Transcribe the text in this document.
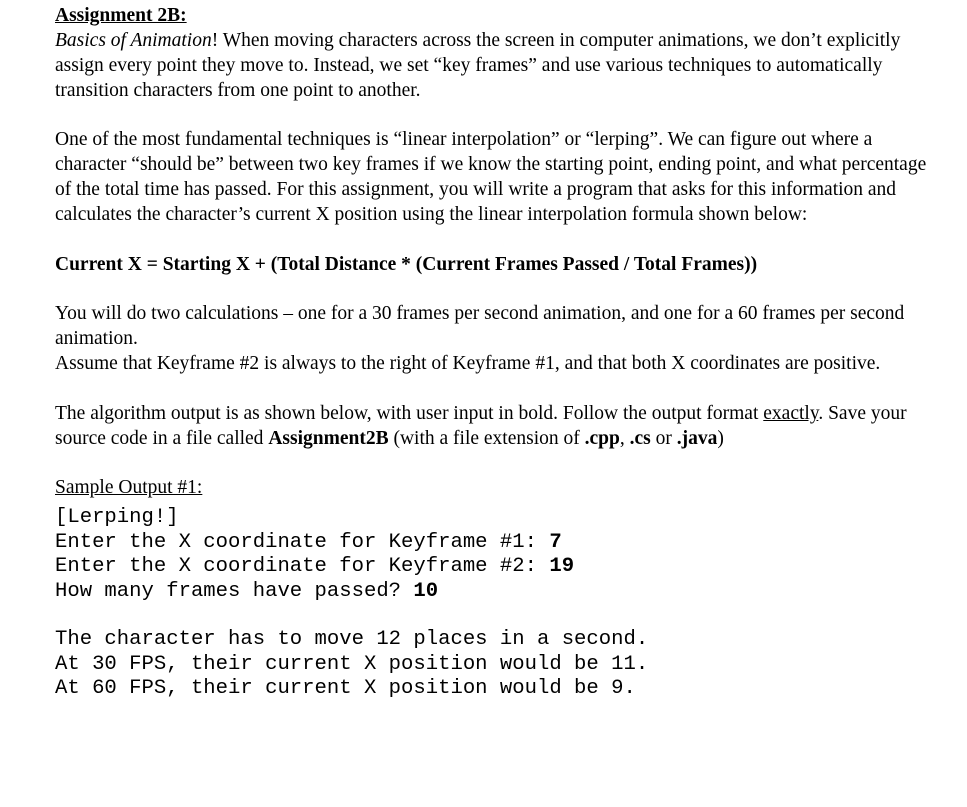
Assignment 2B:

Basics of Animation! When moving characters across the screen in computer animations, we don’t explicitly assign every point they move to. Instead, we set “key frames” and use various techniques to automatically transition characters from one point to another.

One of the most fundamental techniques is “linear interpolation” or “lerping”. We can figure out where a character “should be” between two key frames if we know the starting point, ending point, and what percentage of the total time has passed. For this assignment, you will write a program that asks for this information and calculates the character’s current X position using the linear interpolation formula shown below:

Current X = Starting X + (Total Distance * (Current Frames Passed / Total Frames))

You will do two calculations – one for a 30 frames per second animation, and one for a 60 frames per second animation.

Assume that Keyframe #2 is always to the right of Keyframe #1, and that both X coordinates are positive.

The algorithm output is as shown below, with user input in bold. Follow the output format exactly. Save your source code in a file called Assignment2B (with a file extension of .cpp, .cs or .java)

Sample Output #1:
[Lerping!]
Enter the X coordinate for Keyframe #1: 7
Enter the X coordinate for Keyframe #2: 19
How many frames have passed? 10

The character has to move 12 places in a second.
At 30 FPS, their current X position would be 11.
At 60 FPS, their current X position would be 9.
